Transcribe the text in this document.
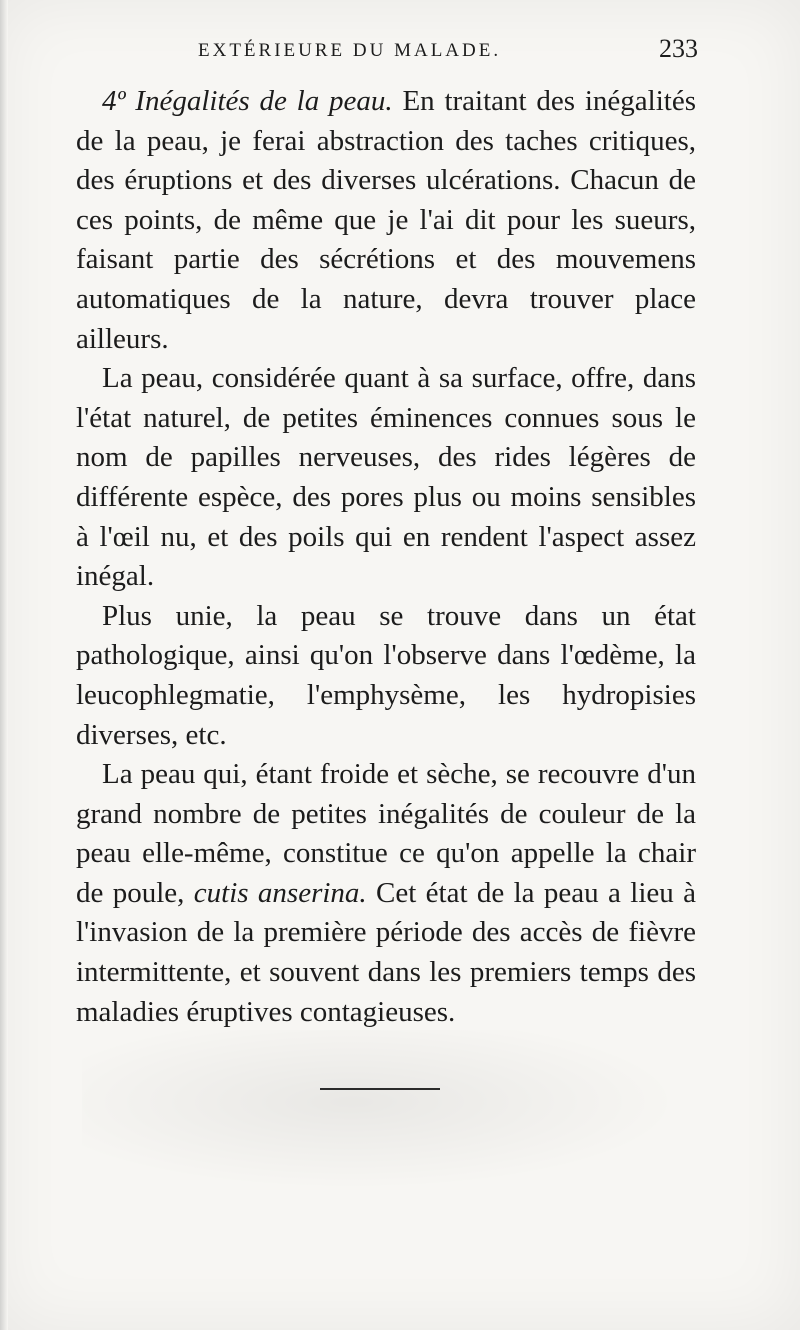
EXTÉRIEURE DU MALADE.	233

4º Inégalités de la peau. En traitant des inégalités de la peau, je ferai abstraction des taches critiques, des éruptions et des diverses ulcérations. Chacun de ces points, de même que je l'ai dit pour les sueurs, faisant partie des sécrétions et des mouvemens automatiques de la nature, devra trouver place ailleurs.

La peau, considérée quant à sa surface, offre, dans l'état naturel, de petites éminences connues sous le nom de papilles nerveuses, des rides légères de différente espèce, des pores plus ou moins sensibles à l'œil nu, et des poils qui en rendent l'aspect assez inégal.

Plus unie, la peau se trouve dans un état pathologique, ainsi qu'on l'observe dans l'œdème, la leucophlegmatie, l'emphysème, les hydropisies diverses, etc.

La peau qui, étant froide et sèche, se recouvre d'un grand nombre de petites inégalités de couleur de la peau elle-même, constitue ce qu'on appelle la chair de poule, cutis anserina. Cet état de la peau a lieu à l'invasion de la première période des accès de fièvre intermittente, et souvent dans les premiers temps des maladies éruptives contagieuses.
